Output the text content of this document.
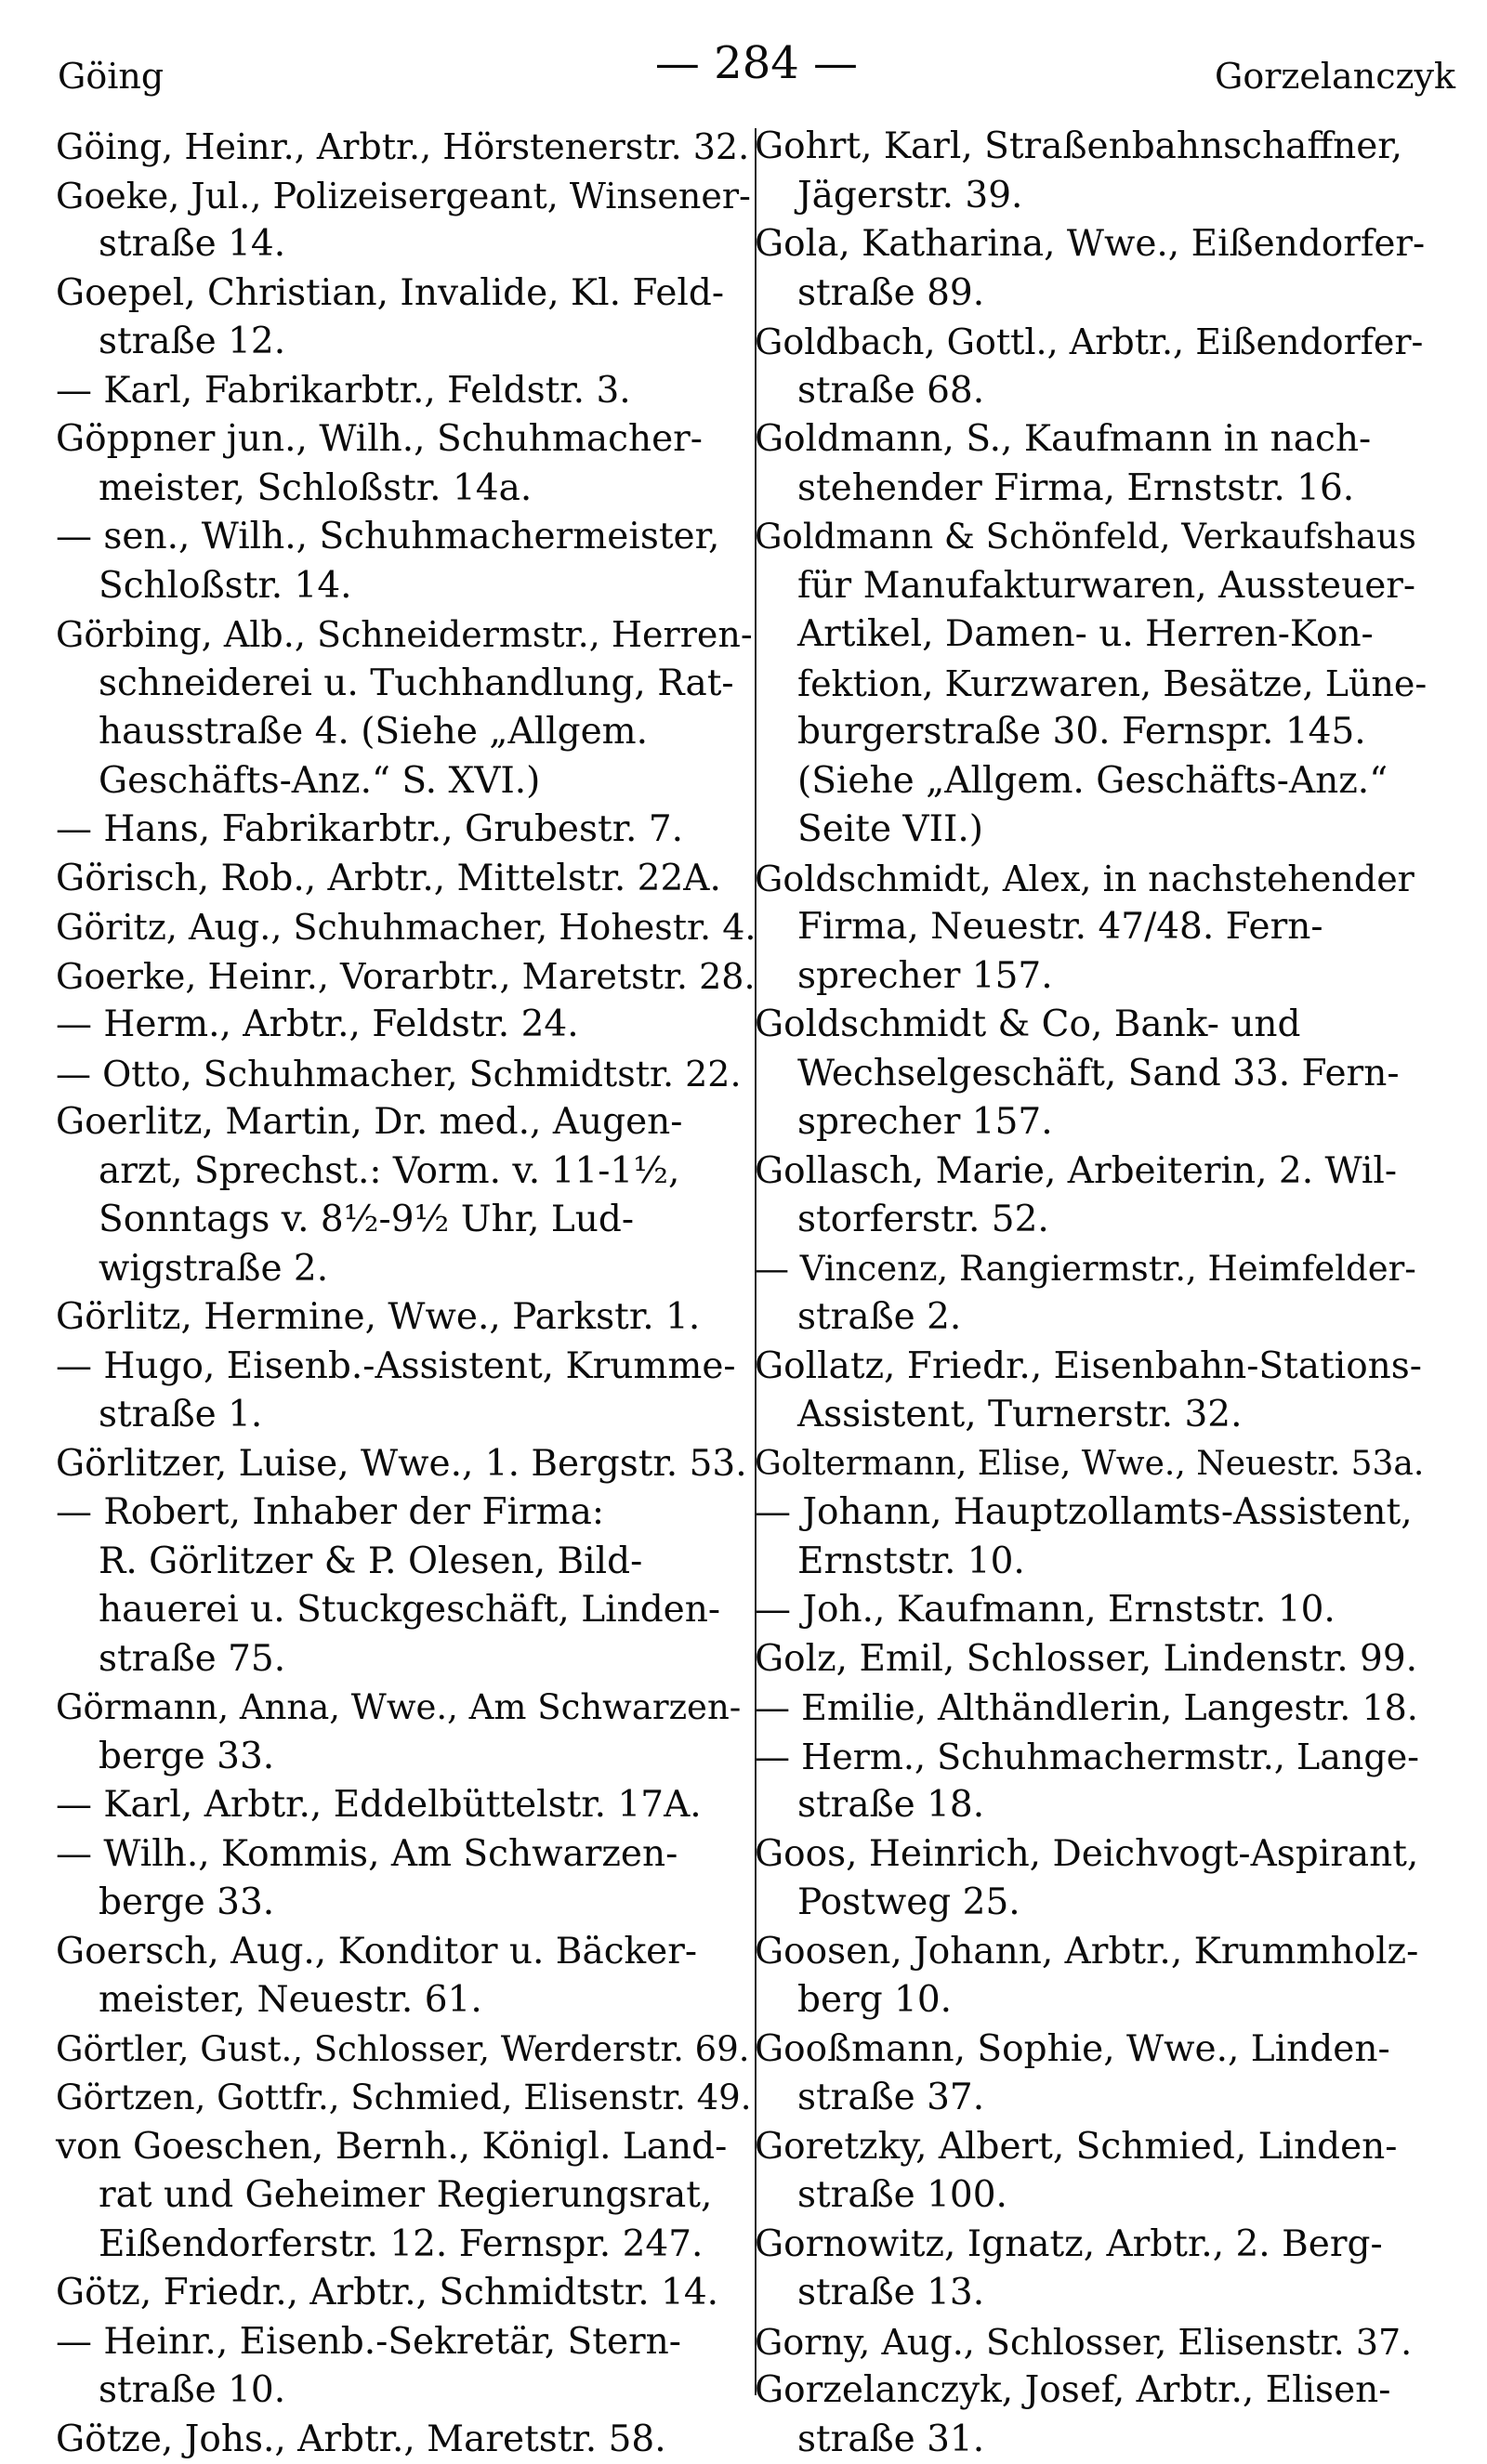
Göing	— 284 —	Gorzelanczyk
Göing, Heinr., Arbtr., Hörstenerstr. 32.
Goeke, Jul., Polizeisergeant, Winsener-
straße 14.
Goepel, Christian, Invalide, Kl. Feld-
straße 12.
— Karl, Fabrikarbtr., Feldstr. 3.
Göppner jun., Wilh., Schuhmacher-
meister, Schloßstr. 14a.
— sen., Wilh., Schuhmachermeister,
Schloßstr. 14.
Görbing, Alb., Schneidermstr., Herren-
schneiderei u. Tuchhandlung, Rat-
hausstraße 4. (Siehe „Allgem.
Geschäfts-Anz.“ S. XVI.)
— Hans, Fabrikarbtr., Grubestr. 7.
Görisch, Rob., Arbtr., Mittelstr. 22A.
Göritz, Aug., Schuhmacher, Hohestr. 4.
Goerke, Heinr., Vorarbtr., Maretstr. 28.
— Herm., Arbtr., Feldstr. 24.
— Otto, Schuhmacher, Schmidtstr. 22.
Goerlitz, Martin, Dr. med., Augen-
arzt, Sprechst.: Vorm. v. 11-1½,
Sonntags v. 8½-9½ Uhr, Lud-
wigstraße 2.
Görlitz, Hermine, Wwe., Parkstr. 1.
— Hugo, Eisenb.-Assistent, Krumme-
straße 1.
Görlitzer, Luise, Wwe., 1. Bergstr. 53.
— Robert, Inhaber der Firma:
R. Görlitzer & P. Olesen, Bild-
hauerei u. Stuckgeschäft, Linden-
straße 75.
Görmann, Anna, Wwe., Am Schwarzen-
berge 33.
— Karl, Arbtr., Eddelbüttelstr. 17A.
— Wilh., Kommis, Am Schwarzen-
berge 33.
Goersch, Aug., Konditor u. Bäcker-
meister, Neuestr. 61.
Görtler, Gust., Schlosser, Werderstr. 69.
Görtzen, Gottfr., Schmied, Elisenstr. 49.
von Goeschen, Bernh., Königl. Land-
rat und Geheimer Regierungsrat,
Eißendorferstr. 12. Fernspr. 247.
Götz, Friedr., Arbtr., Schmidtstr. 14.
— Heinr., Eisenb.-Sekretär, Stern-
straße 10.
Götze, Johs., Arbtr., Maretstr. 58.
Gohrt, Karl, Straßenbahnschaffner,
Jägerstr. 39.
Gola, Katharina, Wwe., Eißendorfer-
straße 89.
Goldbach, Gottl., Arbtr., Eißendorfer-
straße 68.
Goldmann, S., Kaufmann in nach-
stehender Firma, Ernststr. 16.
Goldmann & Schönfeld, Verkaufshaus
für Manufakturwaren, Aussteuer-
Artikel, Damen- u. Herren-Kon-
fektion, Kurzwaren, Besätze, Lüne-
burgerstraße 30. Fernspr. 145.
(Siehe „Allgem. Geschäfts-Anz.“
Seite VII.)
Goldschmidt, Alex, in nachstehender
Firma, Neuestr. 47/48. Fern-
sprecher 157.
Goldschmidt & Co, Bank- und
Wechselgeschäft, Sand 33. Fern-
sprecher 157.
Gollasch, Marie, Arbeiterin, 2. Wil-
storferstr. 52.
— Vincenz, Rangiermstr., Heimfelder-
straße 2.
Gollatz, Friedr., Eisenbahn-Stations-
Assistent, Turnerstr. 32.
Goltermann, Elise, Wwe., Neuestr. 53a.
— Johann, Hauptzollamts-Assistent,
Ernststr. 10.
— Joh., Kaufmann, Ernststr. 10.
Golz, Emil, Schlosser, Lindenstr. 99.
— Emilie, Althändlerin, Langestr. 18.
— Herm., Schuhmachermstr., Lange-
straße 18.
Goos, Heinrich, Deichvogt-Aspirant,
Postweg 25.
Goosen, Johann, Arbtr., Krummholz-
berg 10.
Gooßmann, Sophie, Wwe., Linden-
straße 37.
Goretzky, Albert, Schmied, Linden-
straße 100.
Gornowitz, Ignatz, Arbtr., 2. Berg-
straße 13.
Gorny, Aug., Schlosser, Elisenstr. 37.
Gorzelanczyk, Josef, Arbtr., Elisen-
straße 31.
